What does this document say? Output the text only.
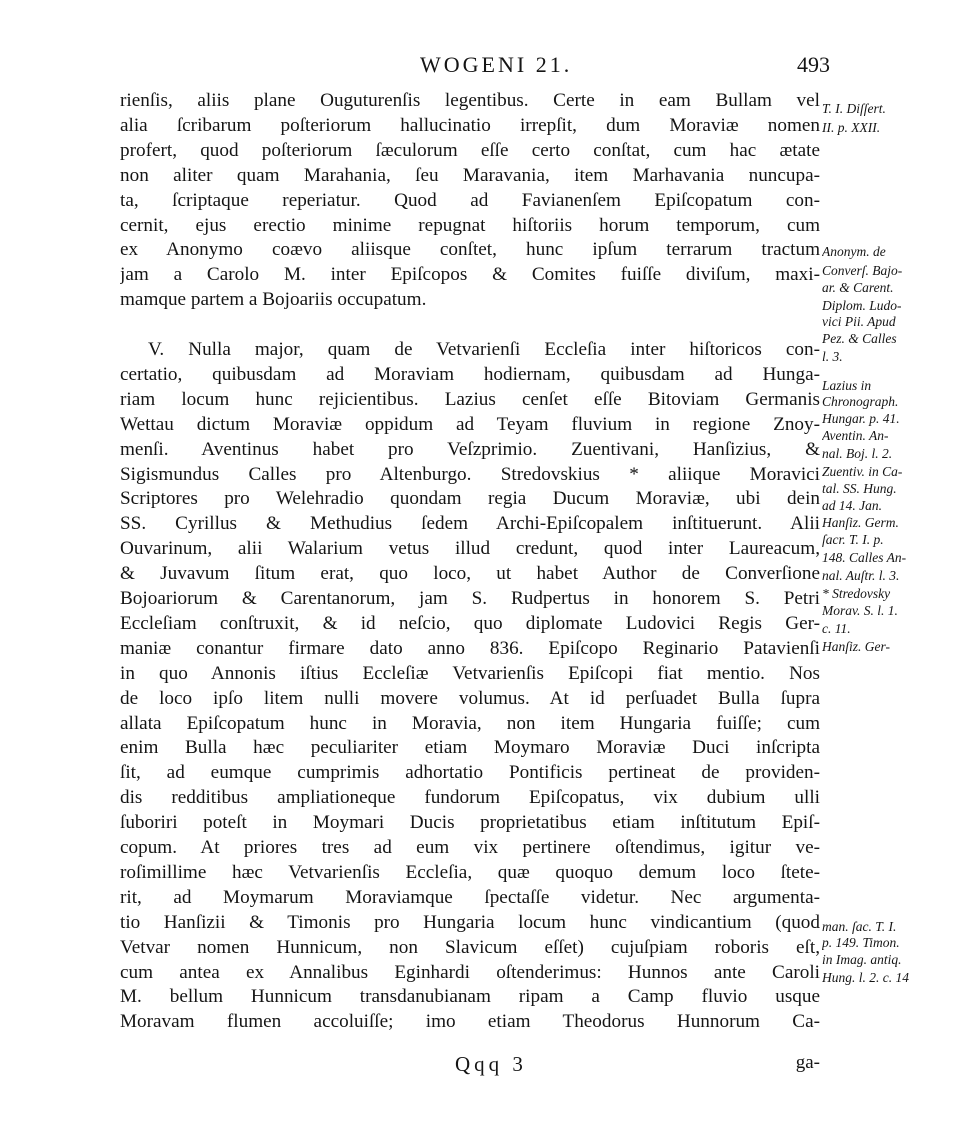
WOGENI 21.	493
rienſis, aliis plane Ouguturenſis legentibus. Certe in eam Bullam vel
alia ſcribarum poſteriorum hallucinatio irrepſit, dum Moraviæ nomen
profert, quod poſteriorum ſæculorum eſſe certo conſtat, cum hac ætate
non aliter quam Marahania, ſeu Maravania, item Marhavania nuncupa-
ta, ſcriptaque reperiatur. Quod ad Favianenſem Epiſcopatum con-
cernit, ejus erectio minime repugnat hiſtoriis horum temporum, cum
ex Anonymo coævo aliisque conſtet, hunc ipſum terrarum tractum
jam a Carolo M. inter Epiſcopos & Comites fuiſſe diviſum, maxi-
mamque partem a Bojoariis occupatum.
V. Nulla major, quam de Vetvarienſi Eccleſia inter hiſtoricos con-
certatio, quibusdam ad Moraviam hodiernam, quibusdam ad Hunga-
riam locum hunc rejicientibus. Lazius cenſet eſſe Bitoviam Germanis
Wettau dictum Moraviæ oppidum ad Teyam fluvium in regione Znoy-
menſi. Aventinus habet pro Veſzprimio. Zuentivani, Hanſizius, &
Sigismundus Calles pro Altenburgo. Stredovskius * aliique Moravici
Scriptores pro Welehradio quondam regia Ducum Moraviæ, ubi dein
SS. Cyrillus & Methudius ſedem Archi-Epiſcopalem inſtituerunt. Alii
Ouvarinum, alii Walarium vetus illud credunt, quod inter Laureacum,
& Juvavum ſitum erat, quo loco, ut habet Author de Converſione
Bojoariorum & Carentanorum, jam S. Rudpertus in honorem S. Petri
Eccleſiam conſtruxit, & id neſcio, quo diplomate Ludovici Regis Ger-
maniæ conantur firmare dato anno 836. Epiſcopo Reginario Patavienſi
in quo Annonis iſtius Eccleſiæ Vetvarienſis Epiſcopi fiat mentio. Nos
de loco ipſo litem nulli movere volumus. At id perſuadet Bulla ſupra
allata Epiſcopatum hunc in Moravia, non item Hungaria fuiſſe; cum
enim Bulla hæc peculiariter etiam Moymaro Moraviæ Duci inſcripta
ſit, ad eumque cumprimis adhortatio Pontificis pertineat de providen-
dis redditibus ampliationeque fundorum Epiſcopatus, vix dubium ulli
ſuboriri poteſt in Moymari Ducis proprietatibus etiam inſtitutum Epiſ-
copum. At priores tres ad eum vix pertinere oſtendimus, igitur ve-
roſimillime hæc Vetvarienſis Eccleſia, quæ quoquo demum loco ſtete-
rit, ad Moymarum Moraviamque ſpectaſſe videtur. Nec argumenta-
tio Hanſizii & Timonis pro Hungaria locum hunc vindicantium (quod
Vetvar nomen Hunnicum, non Slavicum eſſet) cujuſpiam roboris eſt,
cum antea ex Annalibus Eginhardi oſtenderimus: Hunnos ante Caroli
M. bellum Hunnicum transdanubianam ripam a Camp fluvio usque
Moravam flumen accoluiſſe; imo etiam Theodorus Hunnorum Ca-
T. I. Diſſert.
II. p. XXII.
Anonym. de
Converſ. Bajo-
ar. & Carent.
Diplom. Ludo-
vici Pii. Apud
Pez. & Calles
l. 3.
Lazius in
Chronograph.
Hungar. p. 41.
Aventin. An-
nal. Boj. l. 2.
Zuentiv. in Ca-
tal. SS. Hung.
ad 14. Jan.
Hanſiz. Germ.
ſacr. T. I. p.
148. Calles An-
nal. Auſtr. l. 3.
* Stredovsky
Morav. S. l. 1.
c. 11.
Hanſiz. Ger-
man. ſac. T. I.
p. 149. Timon.
in Imag. antiq.
Hung. l. 2. c. 14
Qqq 3	ga-
